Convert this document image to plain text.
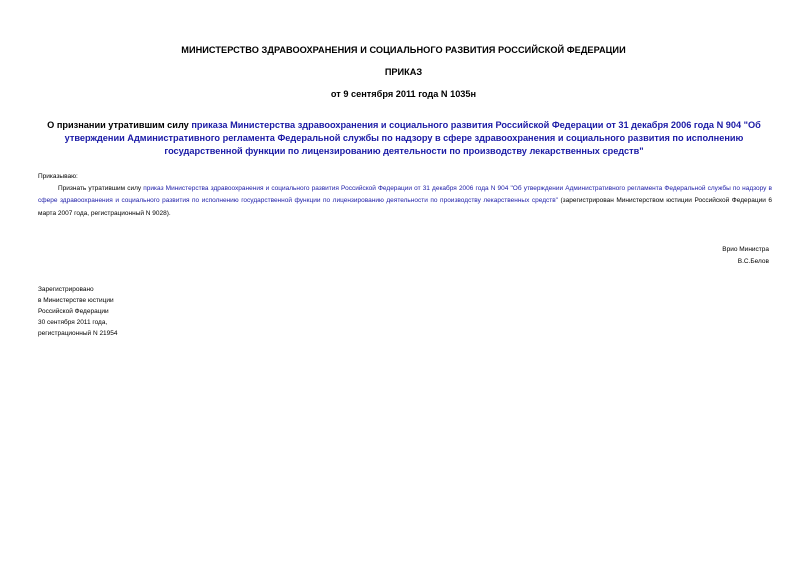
МИНИСТЕРСТВО ЗДРАВООХРАНЕНИЯ И СОЦИАЛЬНОГО РАЗВИТИЯ РОССИЙСКОЙ ФЕДЕРАЦИИ
ПРИКАЗ
от 9 сентября 2011 года N 1035н
О признании утратившим силу приказа Министерства здравоохранения и социального развития Российской Федерации от 31 декабря 2006 года N 904 "Об утверждении Административного регламента Федеральной службы по надзору в сфере здравоохранения и социального развития по исполнению государственной функции по лицензированию деятельности по производству лекарственных средств"
Приказываю:
Признать утратившим силу приказ Министерства здравоохранения и социального развития Российской Федерации от 31 декабря 2006 года N 904 "Об утверждении Административного регламента Федеральной службы по надзору в сфере здравоохранения и социального развития по исполнению государственной функции по лицензированию деятельности по производству лекарственных средств" (зарегистрирован Министерством юстиции Российской Федерации 6 марта 2007 года, регистрационный N 9028).
Врио Министра
В.С.Белов
Зарегистрировано
в Министерстве юстиции
Российской Федерации
30 сентября 2011 года,
регистрационный N 21954
